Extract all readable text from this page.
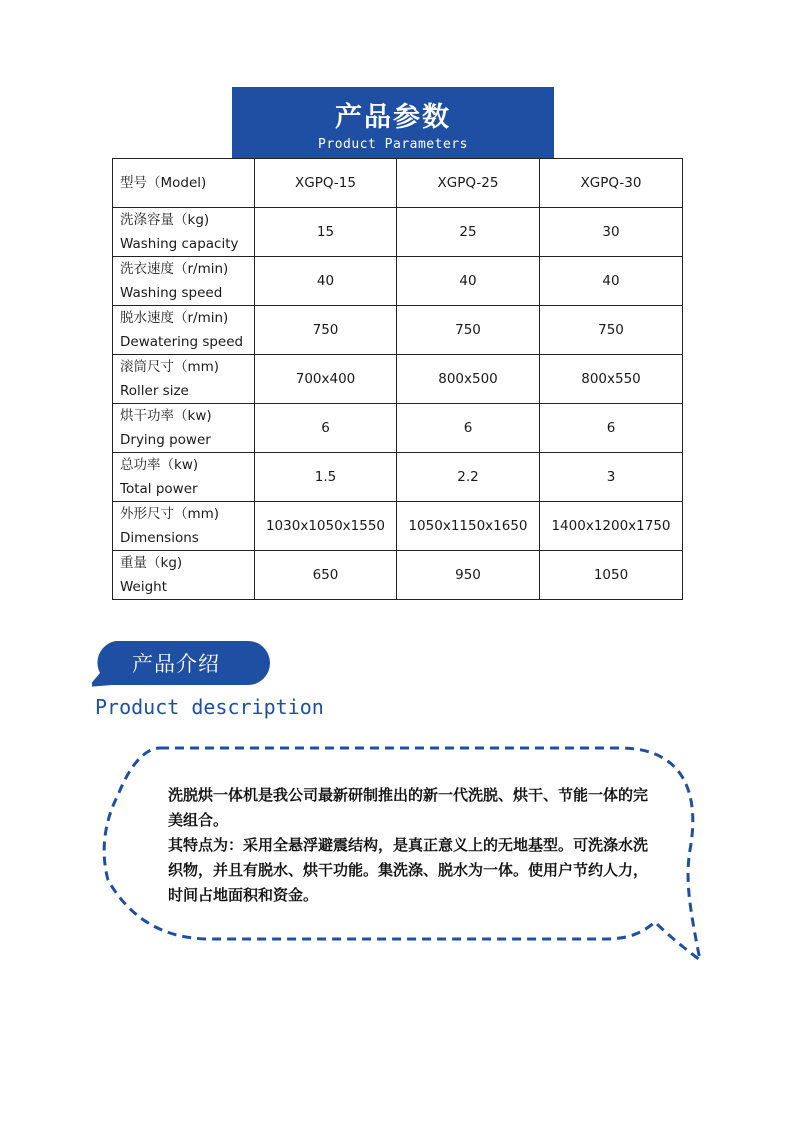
产品参数
Product Parameters
型号（Model)	XGPQ-15	XGPQ-25	XGPQ-30

洗涤容量（kg)
Washing capacity	15	25	30

洗衣速度（r/min)
Washing speed	40	40	40

脱水速度（r/min)
Dewatering speed	750	750	750

滚筒尺寸（mm)
Roller size	700x400	800x500	800x550

烘干功率（kw)
Drying power	6	6	6

总功率（kw)
Total power	1.5	2.2	3

外形尺寸（mm)
Dimensions	1030x1050x1550	1050x1150x1650	1400x1200x1750

重量（kg)
Weight	650	950	1050
产品介绍
Product description

洗脱烘一体机是我公司最新研制推出的新一代洗脱、烘干、节能一体的完美组合。

其特点为：采用全悬浮避震结构，是真正意义上的无地基型。可洗涤水洗织物，并且有脱水、烘干功能。集洗涤、脱水为一体。使用户节约人力，时间占地面积和资金。
